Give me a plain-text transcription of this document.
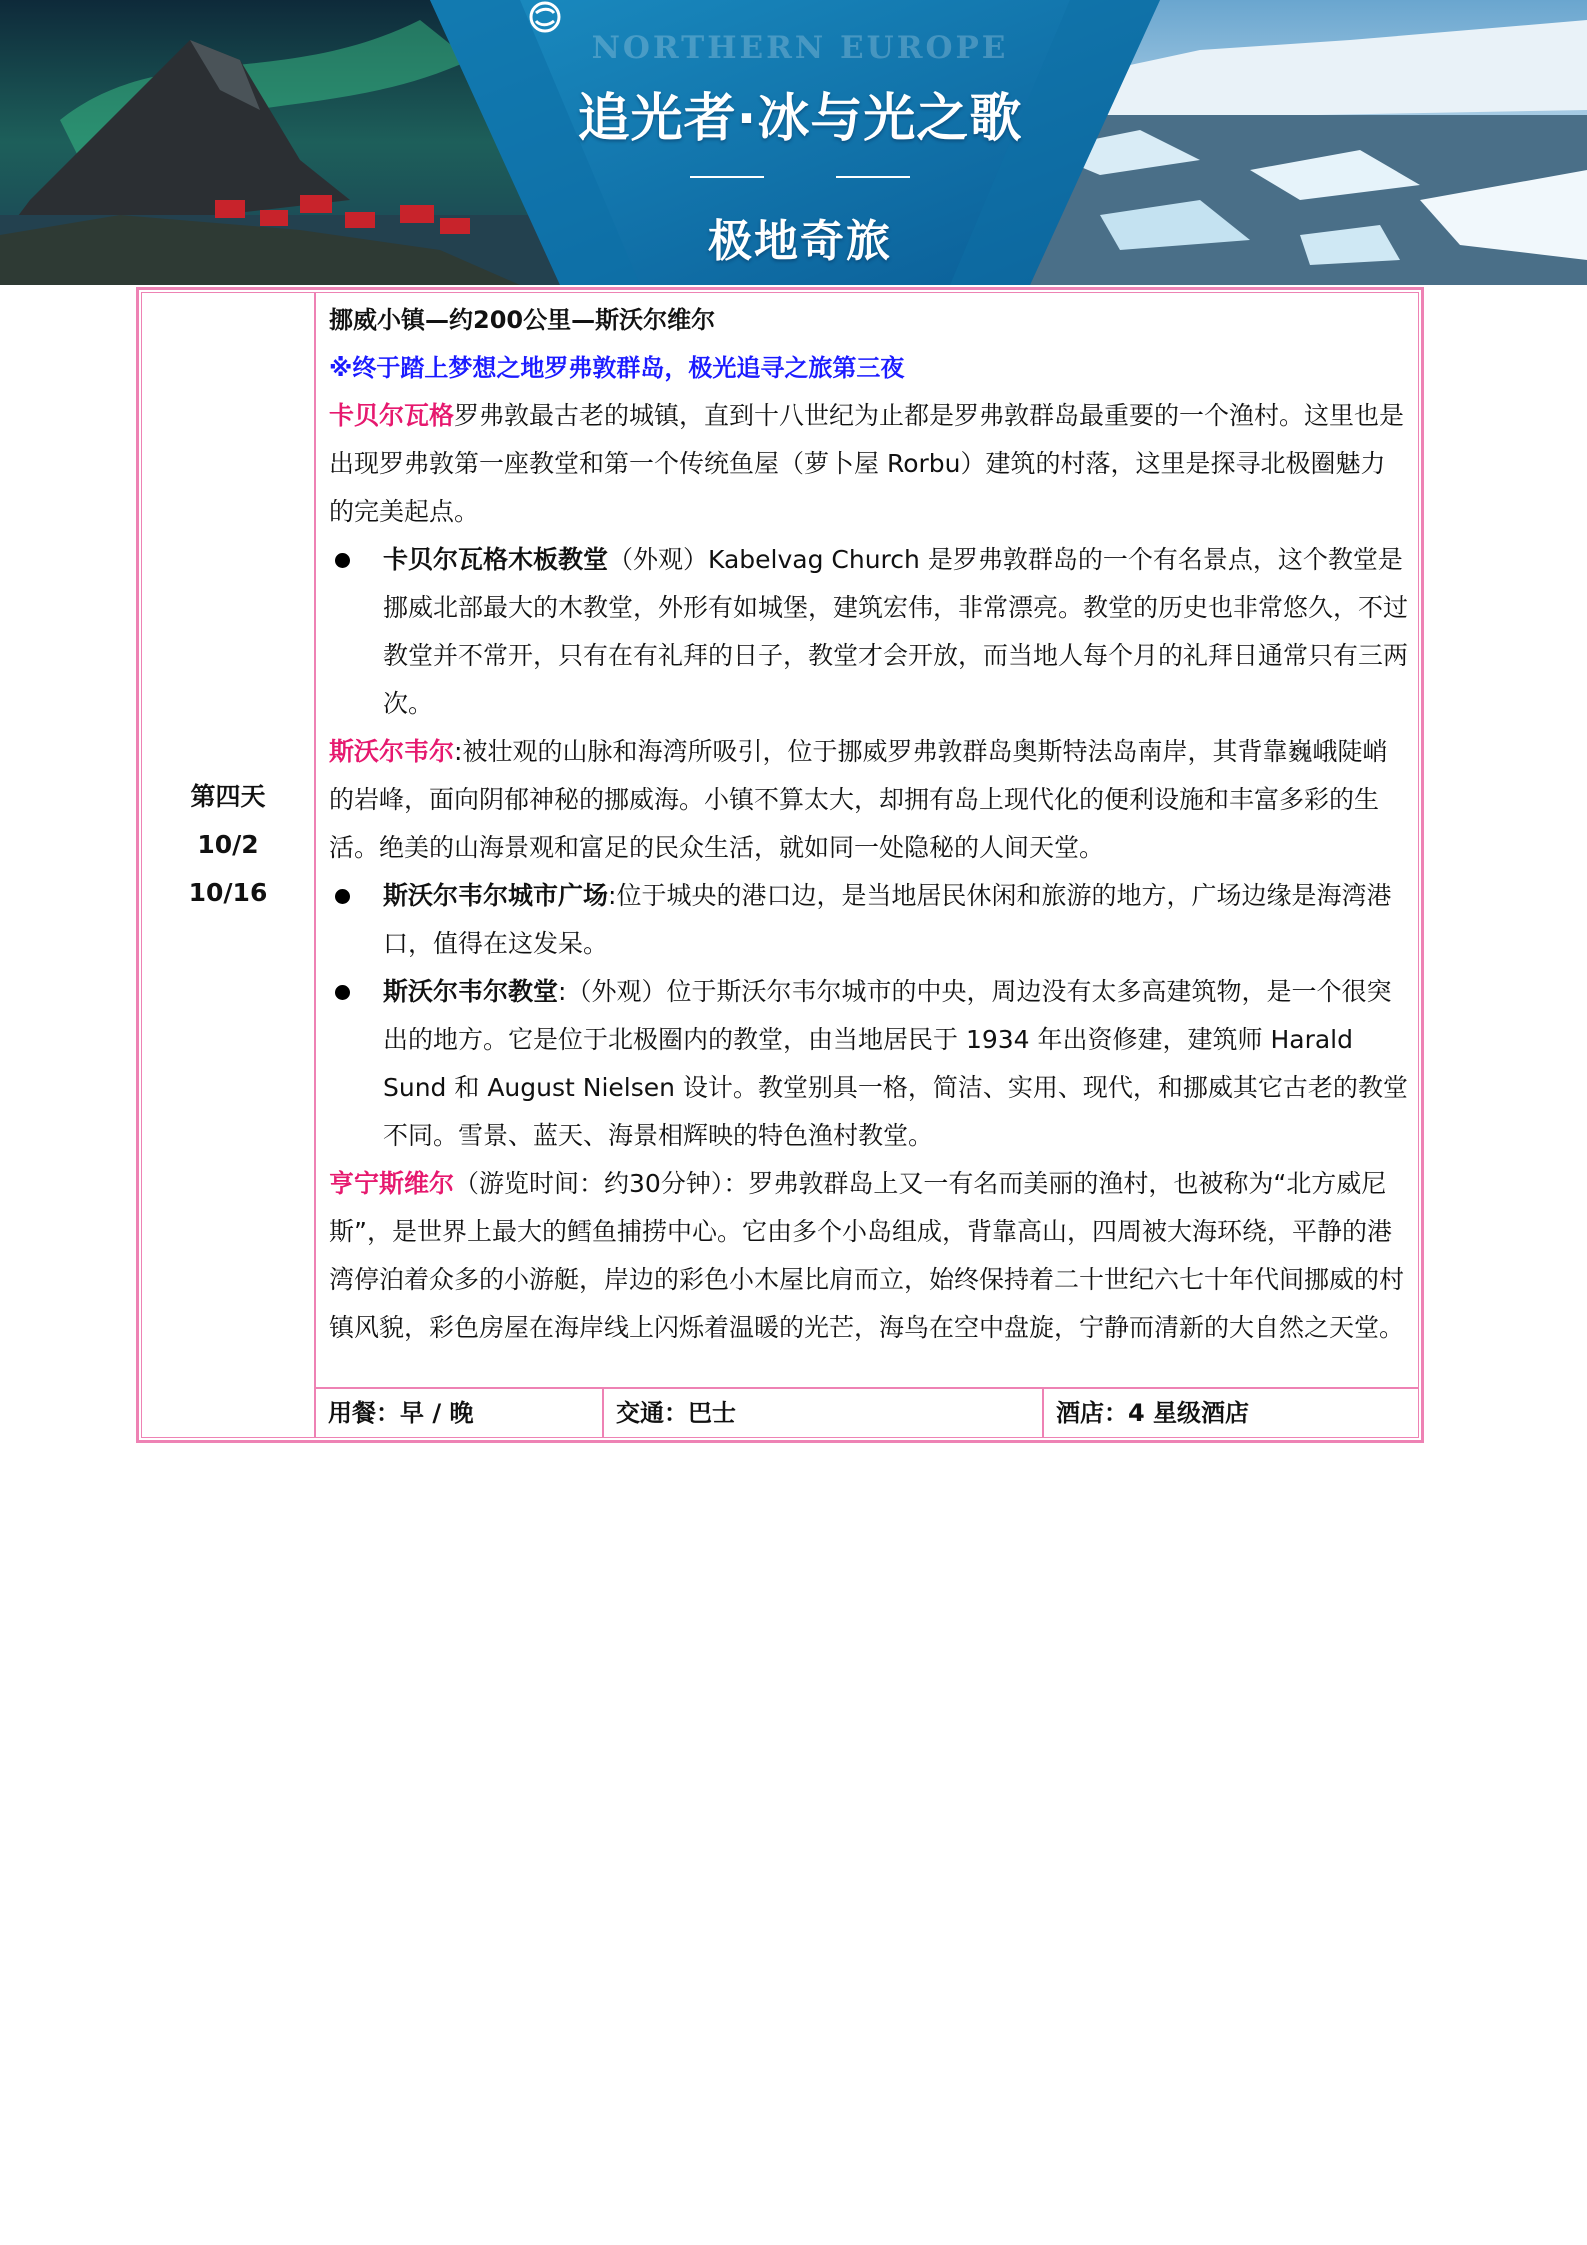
NORTHERN EUROPE
追光者·冰与光之歌
极地奇旅
第四天
10/2
10/16

挪威小镇—约200公里—斯沃尔维尔

※终于踏上梦想之地罗弗敦群岛，极光追寻之旅第三夜

卡贝尔瓦格罗弗敦最古老的城镇，直到十八世纪为止都是罗弗敦群岛最重要的一个渔村。这里也是出现罗弗敦第一座教堂和第一个传统鱼屋（萝卜屋 Rorbu）建筑的村落，这里是探寻北极圈魅力的完美起点。

卡贝尔瓦格木板教堂（外观）Kabelvag Church 是罗弗敦群岛的一个有名景点，这个教堂是挪威北部最大的木教堂，外形有如城堡，建筑宏伟，非常漂亮。教堂的历史也非常悠久，不过教堂并不常开，只有在有礼拜的日子，教堂才会开放，而当地人每个月的礼拜日通常只有三两次。

斯沃尔韦尔:被壮观的山脉和海湾所吸引，位于挪威罗弗敦群岛奥斯特法岛南岸，其背靠巍峨陡峭的岩峰，面向阴郁神秘的挪威海。小镇不算太大，却拥有岛上现代化的便利设施和丰富多彩的生活。绝美的山海景观和富足的民众生活，就如同一处隐秘的人间天堂。

斯沃尔韦尔城市广场:位于城央的港口边，是当地居民休闲和旅游的地方，广场边缘是海湾港口，值得在这发呆。

斯沃尔韦尔教堂:（外观）位于斯沃尔韦尔城市的中央，周边没有太多高建筑物，是一个很突出的地方。它是位于北极圈内的教堂，由当地居民于 1934 年出资修建，建筑师 Harald Sund 和 August Nielsen 设计。教堂别具一格，简洁、实用、现代，和挪威其它古老的教堂不同。雪景、蓝天、海景相辉映的特色渔村教堂。

亨宁斯维尔（游览时间：约30分钟）：罗弗敦群岛上又一有名而美丽的渔村，也被称为“北方威尼斯”，是世界上最大的鳕鱼捕捞中心。它由多个小岛组成，背靠高山，四周被大海环绕，平静的港湾停泊着众多的小游艇，岸边的彩色小木屋比肩而立，始终保持着二十世纪六七十年代间挪威的村镇风貌，彩色房屋在海岸线上闪烁着温暖的光芒，海鸟在空中盘旋，宁静而清新的大自然之天堂。

用餐：早 / 晚	交通：巴士	酒店：4 星级酒店
